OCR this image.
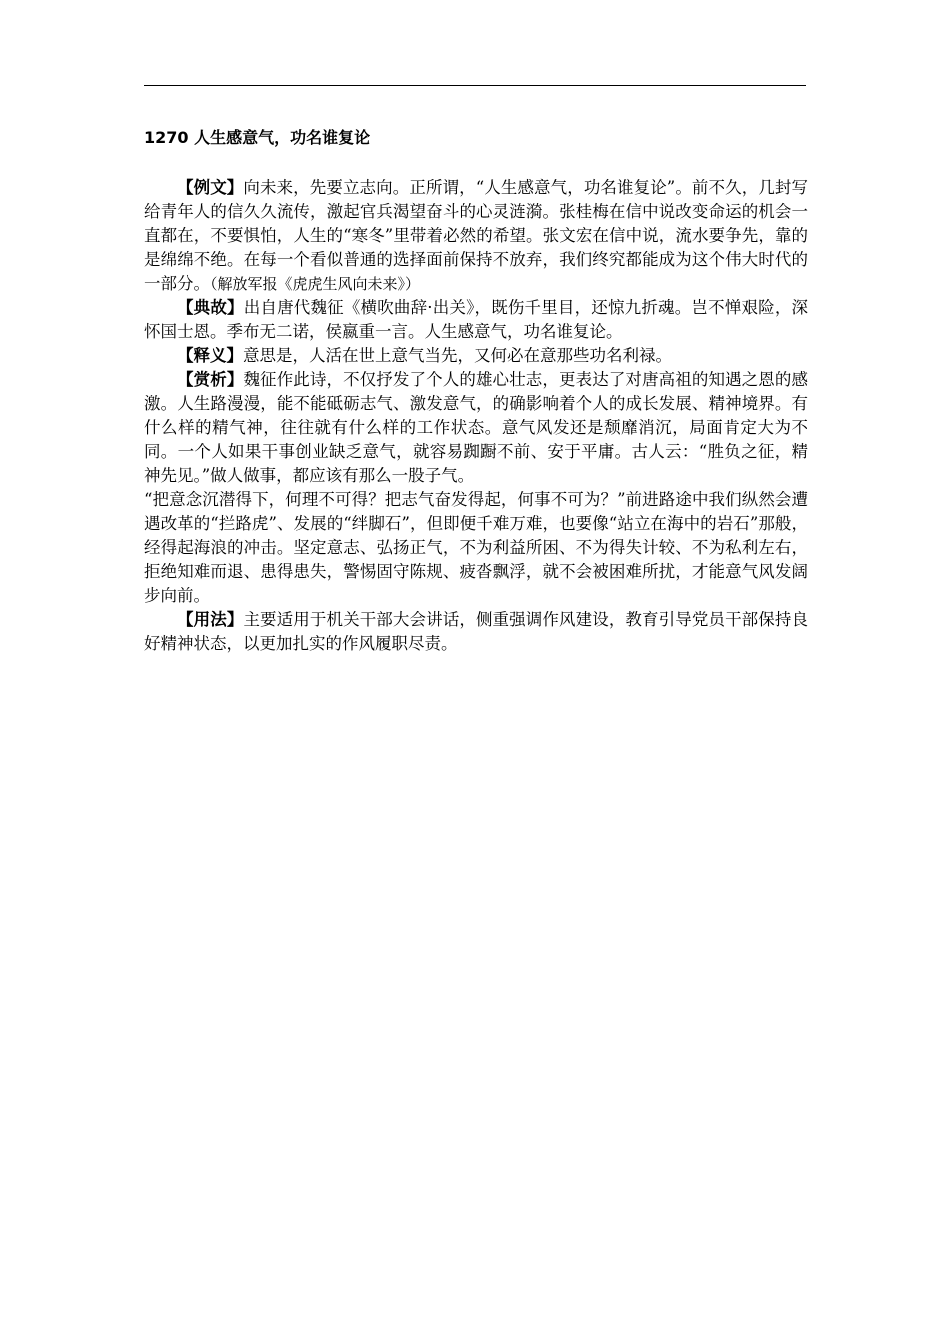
1270 人生感意气，功名谁复论

【例文】向未来，先要立志向。正所谓，“人生感意气，功名谁复论”。前不久，几封写给青年人的信久久流传，激起官兵渴望奋斗的心灵涟漪。张桂梅在信中说改变命运的机会一直都在，不要惧怕，人生的“寒冬”里带着必然的希望。张文宏在信中说，流水要争先，靠的是绵绵不绝。在每一个看似普通的选择面前保持不放弃，我们终究都能成为这个伟大时代的一部分。（解放军报《虎虎生风向未来》）

【典故】出自唐代魏征《横吹曲辞·出关》，既伤千里目，还惊九折魂。岂不惮艰险，深怀国士恩。季布无二诺，侯嬴重一言。人生感意气，功名谁复论。

【释义】意思是，人活在世上意气当先，又何必在意那些功名利禄。

【赏析】魏征作此诗，不仅抒发了个人的雄心壮志，更表达了对唐高祖的知遇之恩的感激。人生路漫漫，能不能砥砺志气、激发意气，的确影响着个人的成长发展、精神境界。有什么样的精气神，往往就有什么样的工作状态。意气风发还是颓靡消沉，局面肯定大为不同。一个人如果干事创业缺乏意气，就容易踟蹰不前、安于平庸。古人云：“胜负之征，精神先见。”做人做事，都应该有那么一股子气。

“把意念沉潜得下，何理不可得？把志气奋发得起，何事不可为？”前进路途中我们纵然会遭遇改革的“拦路虎”、发展的“绊脚石”，但即便千难万难，也要像“站立在海中的岩石”那般，经得起海浪的冲击。坚定意志、弘扬正气，不为利益所困、不为得失计较、不为私利左右，拒绝知难而退、患得患失，警惕固守陈规、疲沓飘浮，就不会被困难所扰，才能意气风发阔步向前。

【用法】主要适用于机关干部大会讲话，侧重强调作风建设，教育引导党员干部保持良好精神状态，以更加扎实的作风履职尽责。
